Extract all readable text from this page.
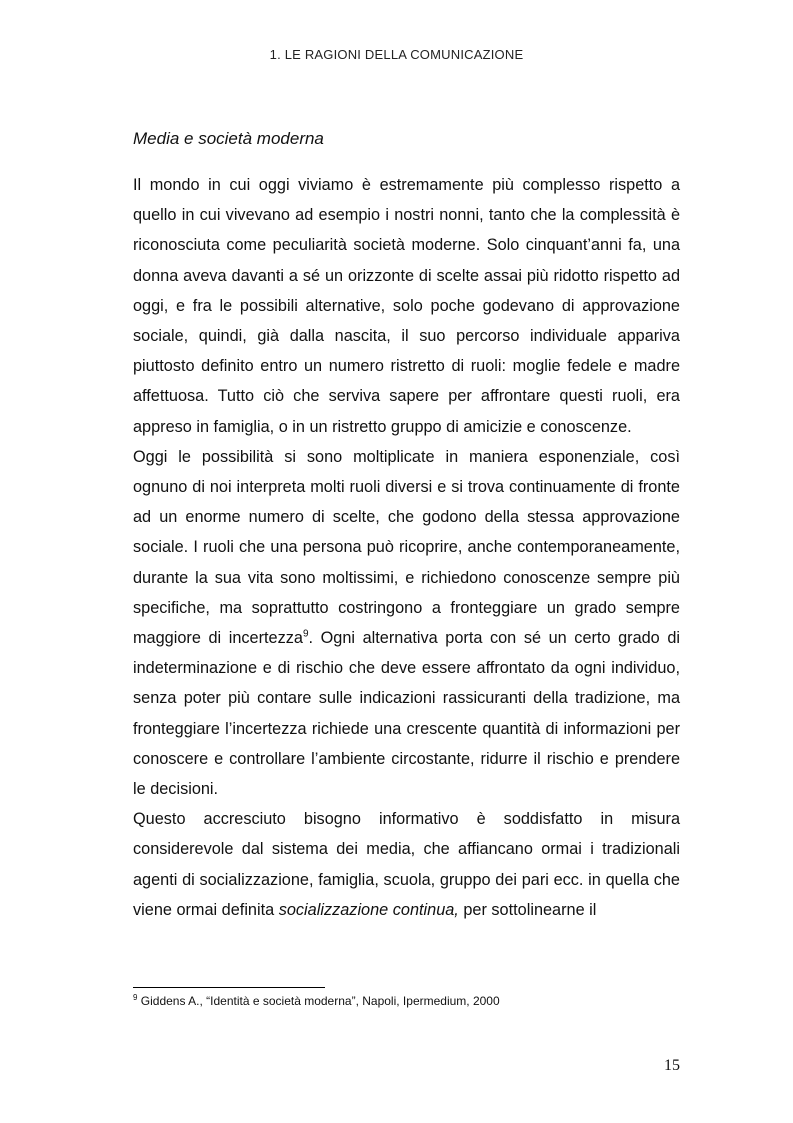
1. LE RAGIONI DELLA COMUNICAZIONE
Media e società moderna

Il mondo in cui oggi viviamo è estremamente più complesso rispetto a quello in cui vivevano ad esempio i nostri nonni, tanto che la complessità è riconosciuta come peculiarità società moderne. Solo cinquant’anni fa, una donna aveva davanti a sé un orizzonte di scelte assai più ridotto rispetto ad oggi, e fra le possibili alternative, solo poche godevano di approvazione sociale, quindi, già dalla nascita, il suo percorso individuale appariva piuttosto definito entro un numero ristretto di ruoli: moglie fedele e madre affettuosa. Tutto ciò che serviva sapere per affrontare questi ruoli, era appreso in famiglia, o in un ristretto gruppo di amicizie e conoscenze.

Oggi le possibilità si sono moltiplicate in maniera esponenziale, così ognuno di noi interpreta molti ruoli diversi e si trova continuamente di fronte ad un enorme numero di scelte, che godono della stessa approvazione sociale. I ruoli che una persona può ricoprire, anche contemporaneamente, durante la sua vita sono moltissimi, e richiedono conoscenze sempre più specifiche, ma soprattutto costringono a fronteggiare un grado sempre maggiore di incertezza$^9$. Ogni alternativa porta con sé un certo grado di indeterminazione e di rischio che deve essere affrontato da ogni individuo, senza poter più contare sulle indicazioni rassicuranti della tradizione, ma fronteggiare l’incertezza richiede una crescente quantità di informazioni per conoscere e controllare l’ambiente circostante, ridurre il rischio e prendere le decisioni.

Questo accresciuto bisogno informativo è soddisfatto in misura considerevole dal sistema dei media, che affiancano ormai i tradizionali agenti di socializzazione, famiglia, scuola, gruppo dei pari ecc. in quella che viene ormai definita socializzazione continua, per sottolinearne il

$^9$ Giddens A., “Identità e società moderna”, Napoli, Ipermedium, 2000
15
